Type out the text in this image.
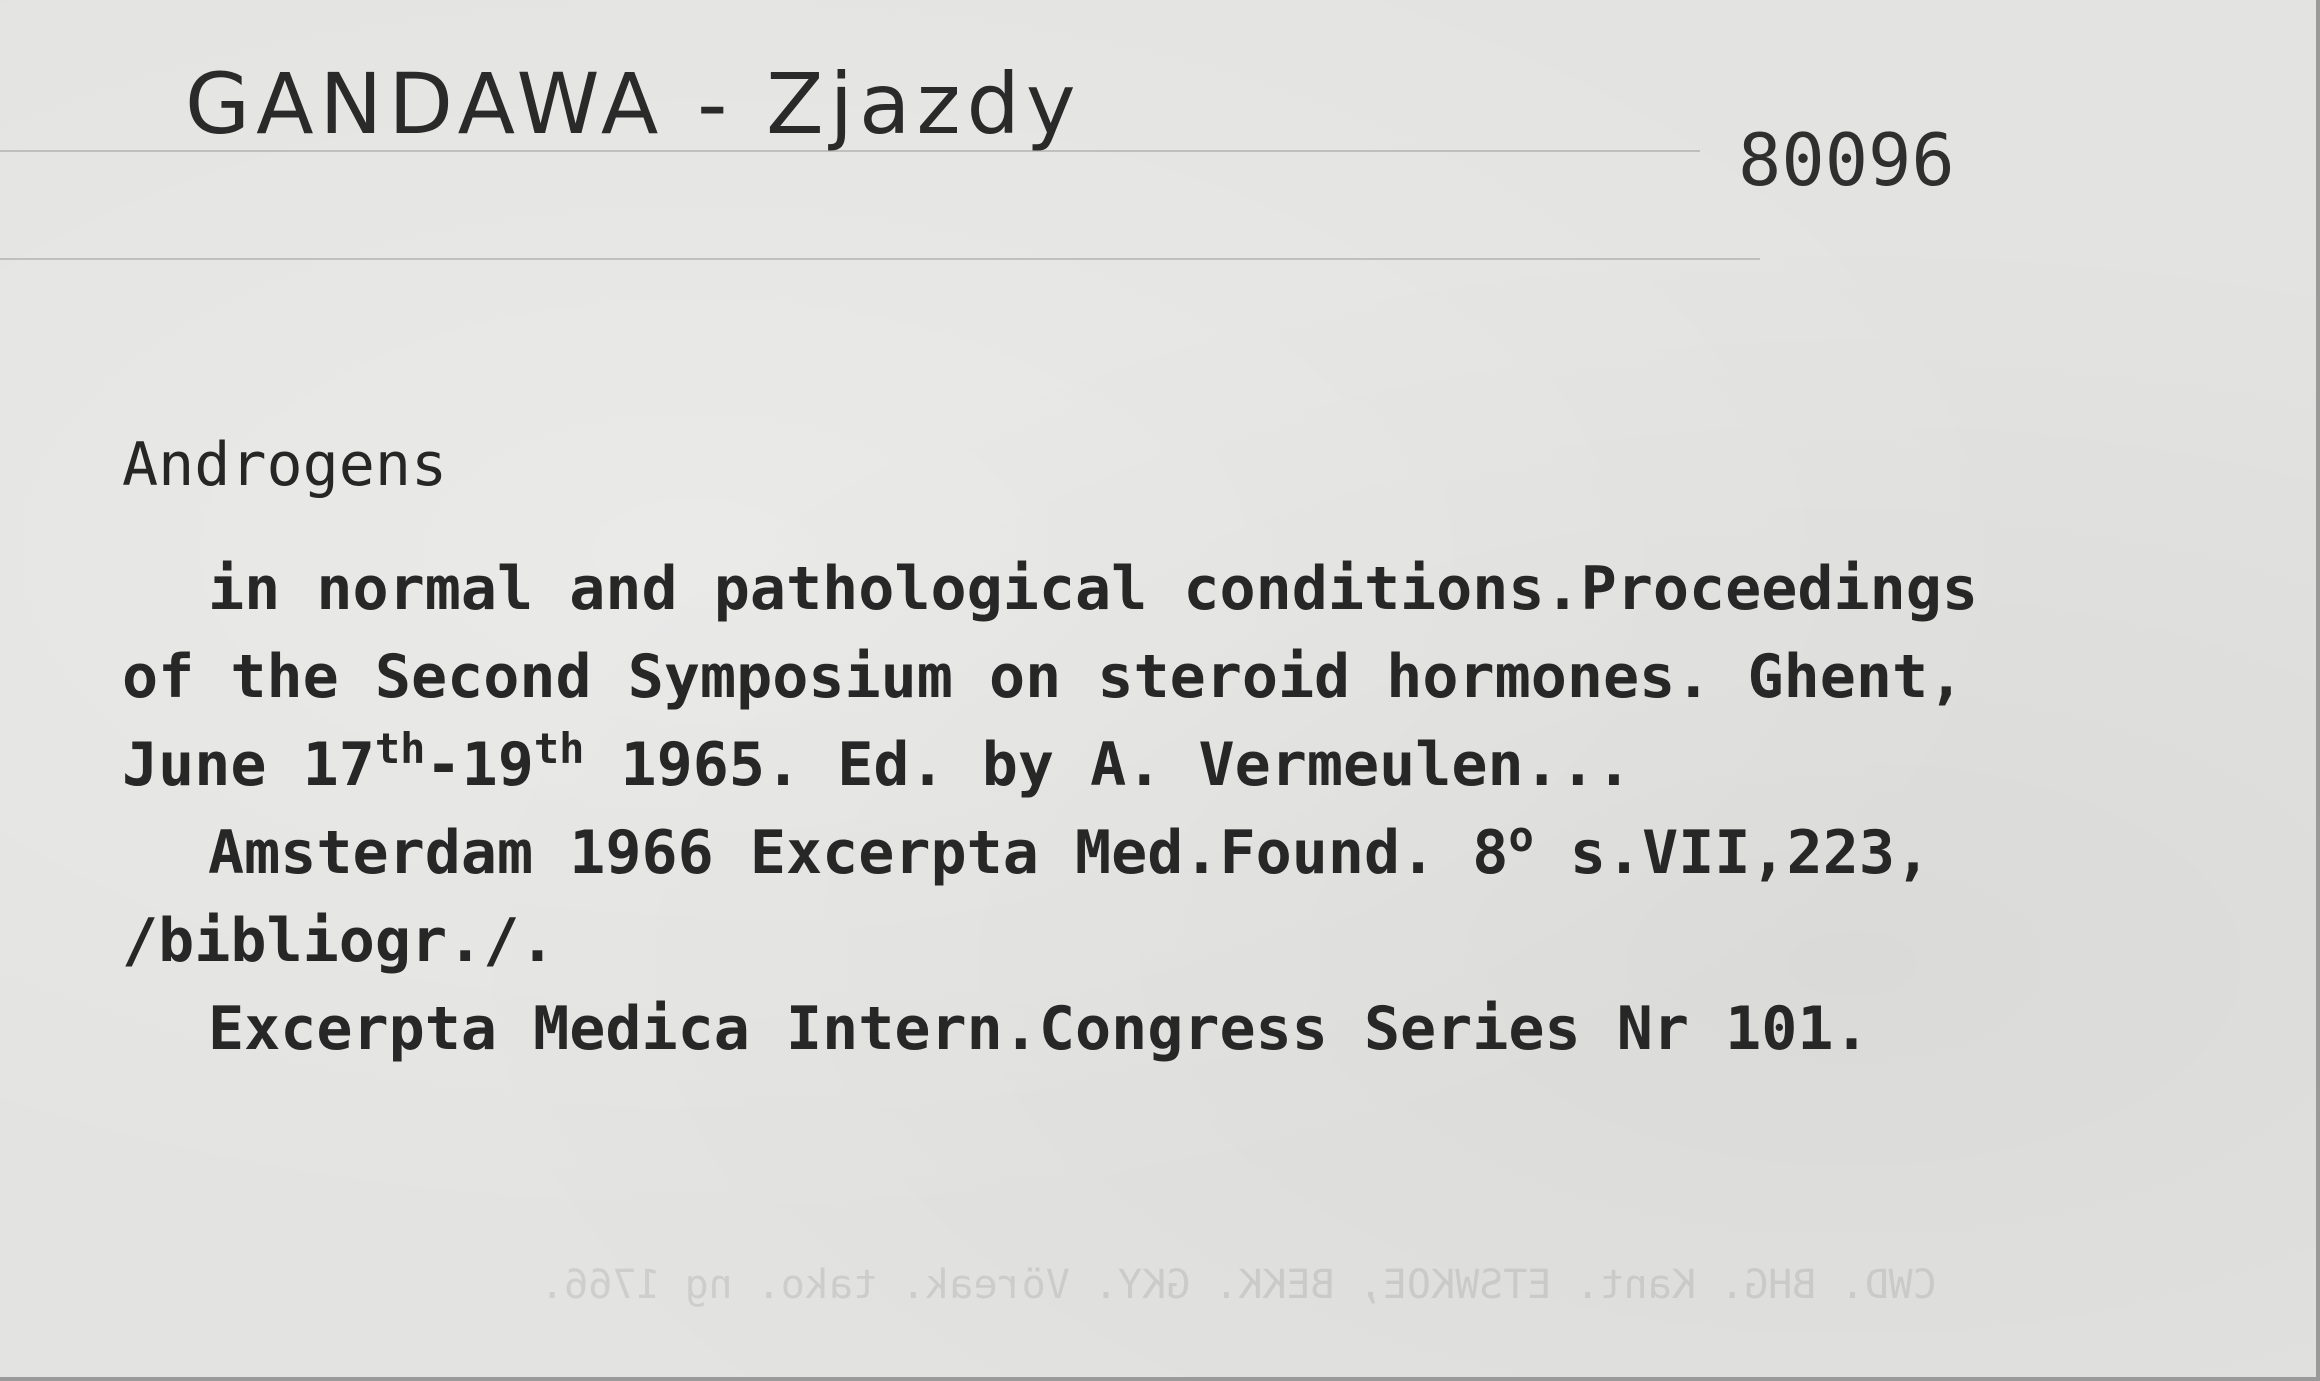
GANDAWA - Zjazdy
80096
Androgens
in normal and pathological conditions.Proceedings
of the Second Symposium on steroid hormones. Ghent,
June 17th-19th 1965. Ed. by A. Vermeulen...
Amsterdam 1966 Excerpta Med.Found. 8$^o$ s.VII,223,
/bibliogr./.
Excerpta Medica Intern.Congress Series Nr 101.
CWD. BHG. Kant. ETSWKOE, BEKK. GKY. Vöreak. tako. ng 1766.
